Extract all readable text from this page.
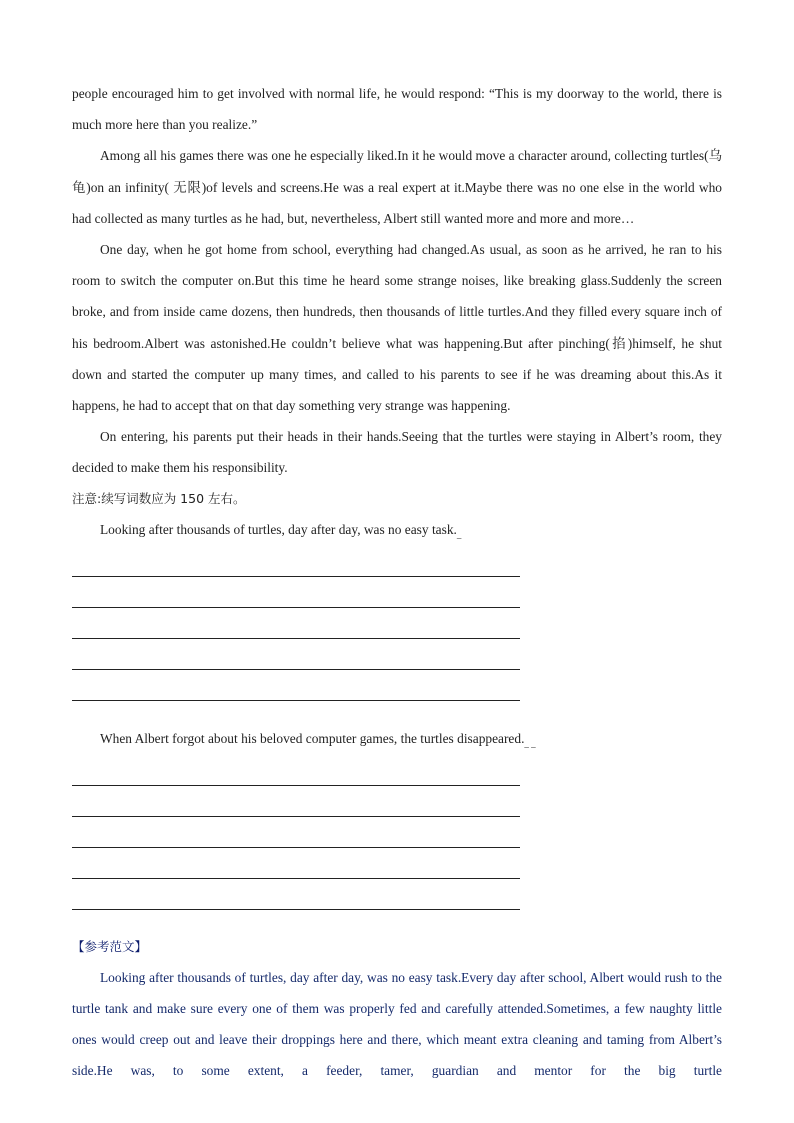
people encouraged him to get involved with normal life, he would respond: “This is my doorway to the world, there is much more here than you realize.”

Among all his games there was one he especially liked.In it he would move a character around, collecting turtles(乌龟)on an infinity( 无限)of levels and screens.He was a real expert at it.Maybe there was no one else in the world who had collected as many turtles as he had, but, nevertheless, Albert still wanted more and more and more…

One day, when he got home from school, everything had changed.As usual, as soon as he arrived, he ran to his room to switch the computer on.But this time he heard some strange noises, like breaking glass.Suddenly the screen broke, and from inside came dozens, then hundreds, then thousands of little turtles.And they filled every square inch of his bedroom.Albert was astonished.He couldn’t believe what was happening.But after pinching(掐)himself, he shut down and started the computer up many times, and called to his parents to see if he was dreaming about this.As it happens, he had to accept that on that day something very strange was happening.

On entering, his parents put their heads in their hands.Seeing that the turtles were staying in Albert’s room, they decided to make them his responsibility.

注意:续写词数应为 150 左右。

Looking after thousands of turtles, day after day, was no easy $task._{\_}$

When Albert forgot about his beloved computer games, the turtles $disappeared._{\_ \_}$

【参考范文】

Looking after thousands of turtles, day after day, was no easy task.Every day after school, Albert would rush to the turtle tank and make sure every one of them was properly fed and carefully attended.Sometimes, a few naughty little ones would creep out and leave their droppings here and there, which meant extra cleaning and taming from Albert’s side.He was, to some extent, a feeder, tamer, guardian and mentor for the big turtle
